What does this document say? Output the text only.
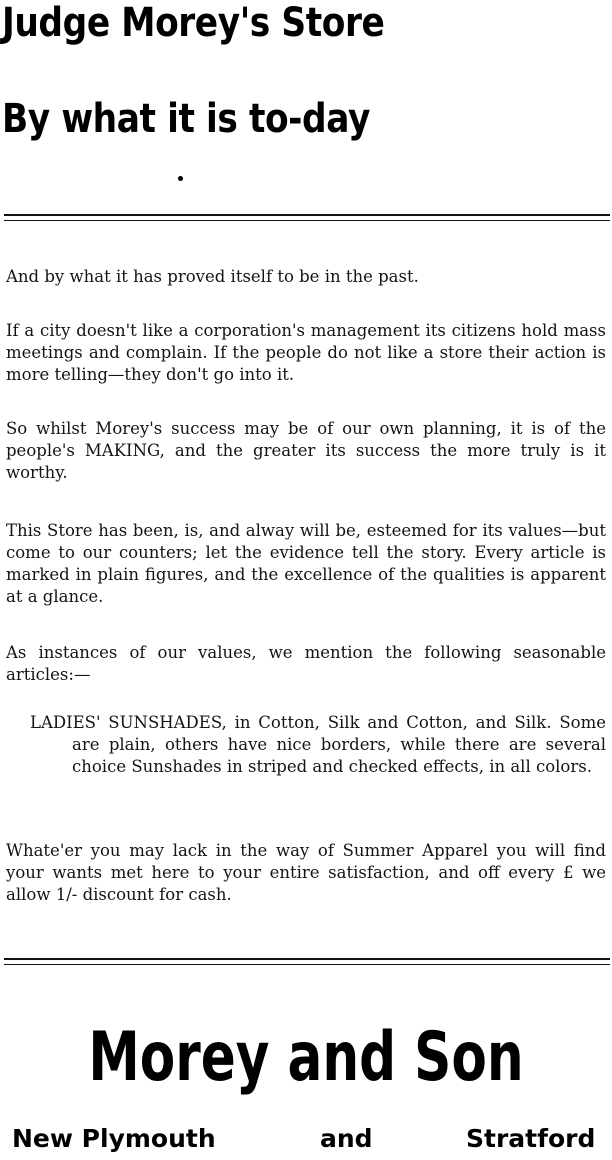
Judge Morey's Store
By what it is to-day

And by what it has proved itself to be in the past.

If a city doesn't like a corporation's management its citizens hold mass meetings and complain. If the people do not like a store their action is more telling—they don't go into it.

So whilst Morey's success may be of our own planning, it is of the people's MAKING, and the greater its success the more truly is it worthy.

This Store has been, is, and alway will be, esteemed for its values—but come to our counters; let the evidence tell the story. Every article is marked in plain figures, and the excellence of the qualities is apparent at a glance.

As instances of our values, we mention the following seasonable articles:—

LADIES' SUNSHADES, in Cotton, Silk and Cotton, and Silk. Some are plain, others have nice borders, while there are several choice Sunshades in striped and checked effects, in all colors.

Whate'er you may lack in the way of Summer Apparel you will find your wants met here to your entire satisfaction, and off every £ we allow 1/- discount for cash.

Morey and Son
New Plymouth	and	Stratford
